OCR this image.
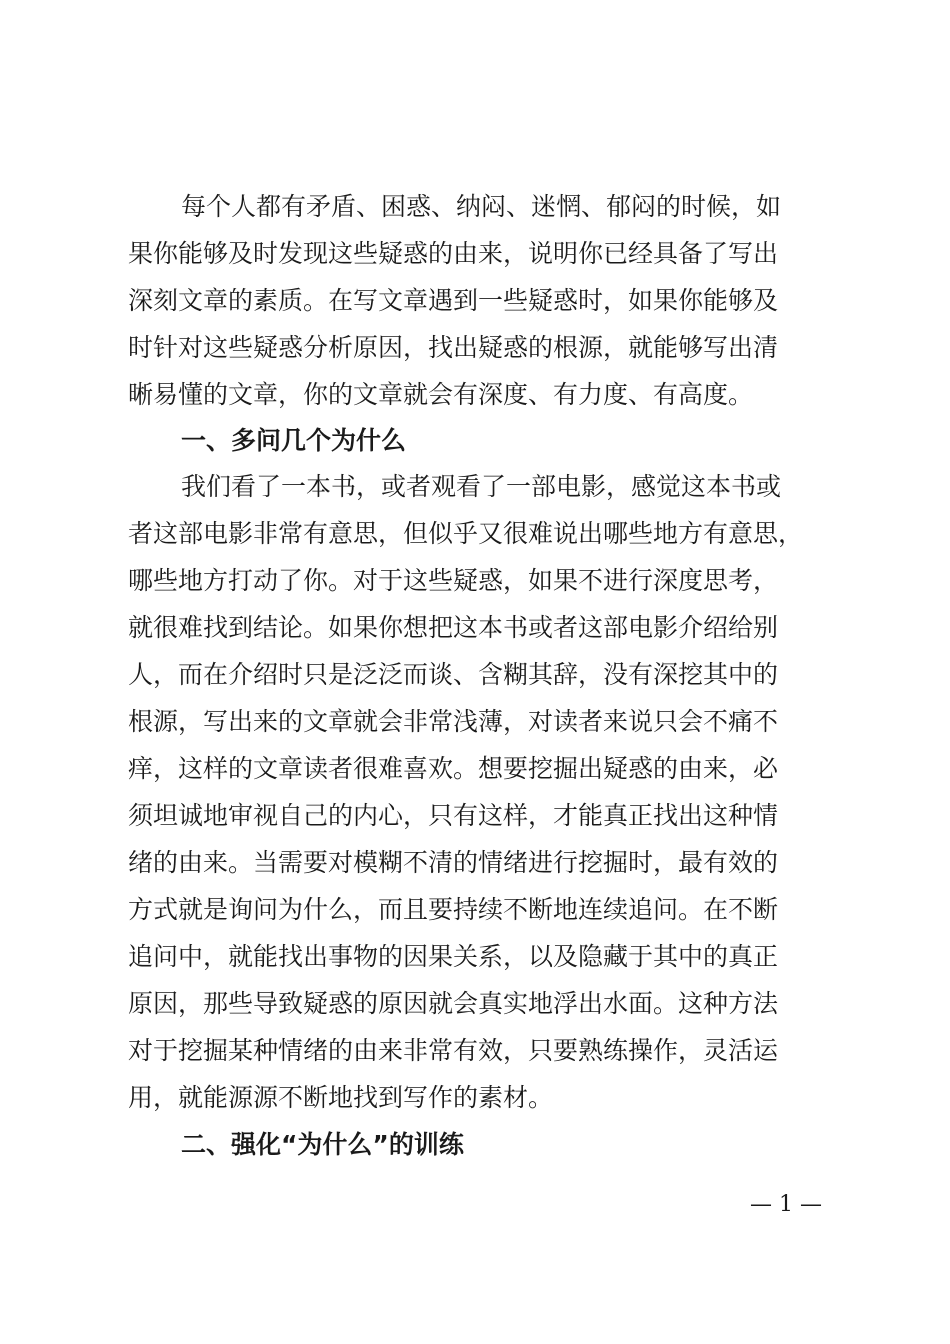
每个人都有矛盾、困惑、纳闷、迷惘、郁闷的时候，如

果你能够及时发现这些疑惑的由来，说明你已经具备了写出

深刻文章的素质。在写文章遇到一些疑惑时，如果你能够及

时针对这些疑惑分析原因，找出疑惑的根源，就能够写出清

晰易懂的文章，你的文章就会有深度、有力度、有高度。

一、多问几个为什么

我们看了一本书，或者观看了一部电影，感觉这本书或

者这部电影非常有意思，但似乎又很难说出哪些地方有意思，

哪些地方打动了你。对于这些疑惑，如果不进行深度思考，

就很难找到结论。如果你想把这本书或者这部电影介绍给别

人，而在介绍时只是泛泛而谈、含糊其辞，没有深挖其中的

根源，写出来的文章就会非常浅薄，对读者来说只会不痛不

痒，这样的文章读者很难喜欢。想要挖掘出疑惑的由来，必

须坦诚地审视自己的内心，只有这样，才能真正找出这种情

绪的由来。当需要对模糊不清的情绪进行挖掘时，最有效的

方式就是询问为什么，而且要持续不断地连续追问。在不断

追问中，就能找出事物的因果关系，以及隐藏于其中的真正

原因，那些导致疑惑的原因就会真实地浮出水面。这种方法

对于挖掘某种情绪的由来非常有效，只要熟练操作，灵活运

用，就能源源不断地找到写作的素材。

二、强化“为什么”的训练

— 1 —
